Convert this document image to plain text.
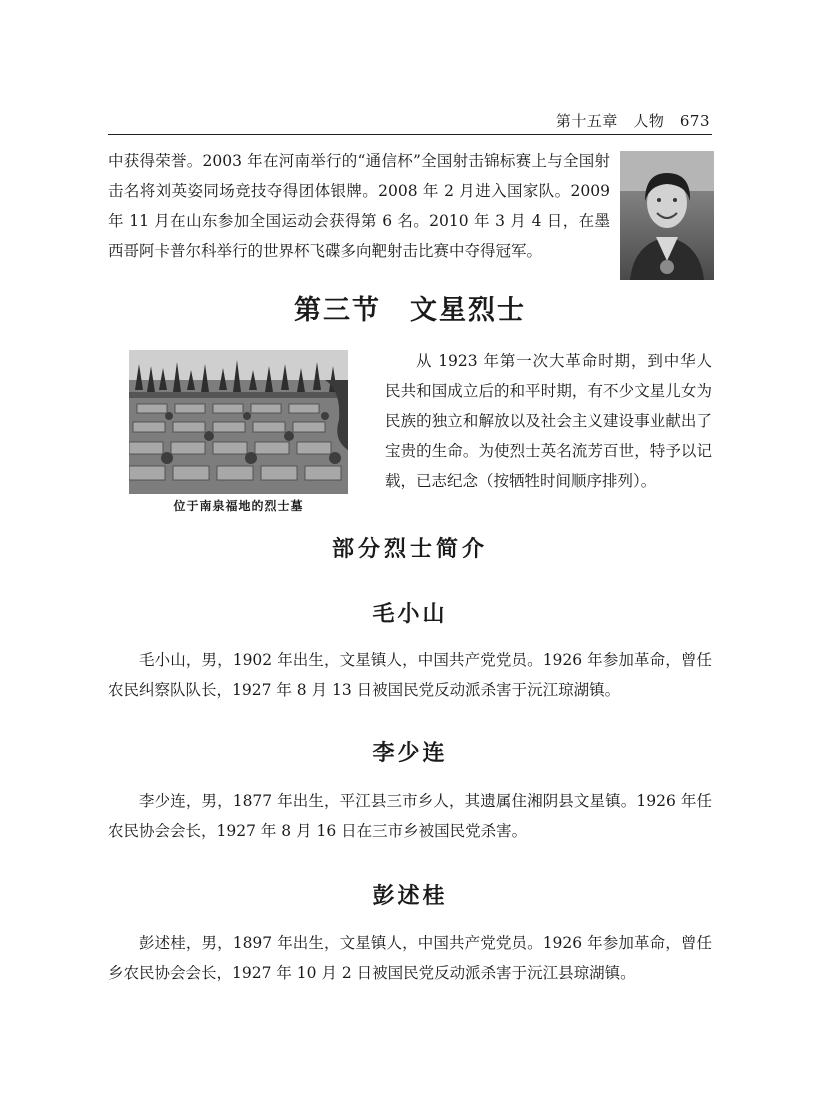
第十五章　人物　673
中获得荣誉。2003 年在河南举行的“通信杯”全国射击锦标赛上与全国射击名将刘英姿同场竞技夺得团体银牌。2008 年 2 月进入国家队。2009 年 11 月在山东参加全国运动会获得第 6 名。2010 年 3 月 4 日，在墨西哥阿卡普尔科举行的世界杯飞碟多向靶射击比赛中夺得冠军。
第三节　文星烈士
位于南泉福地的烈士墓
从 1923 年第一次大革命时期，到中华人民共和国成立后的和平时期，有不少文星儿女为民族的独立和解放以及社会主义建设事业献出了宝贵的生命。为使烈士英名流芳百世，特予以记载，已志纪念（按牺牲时间顺序排列）。
部分烈士简介
毛小山
毛小山，男，1902 年出生，文星镇人，中国共产党党员。1926 年参加革命，曾任农民纠察队队长，1927 年 8 月 13 日被国民党反动派杀害于沅江琼湖镇。
李少连
李少连，男，1877 年出生，平江县三市乡人，其遗属住湘阴县文星镇。1926 年任农民协会会长，1927 年 8 月 16 日在三市乡被国民党杀害。
彭述桂
彭述桂，男，1897 年出生，文星镇人，中国共产党党员。1926 年参加革命，曾任乡农民协会会长，1927 年 10 月 2 日被国民党反动派杀害于沅江县琼湖镇。
